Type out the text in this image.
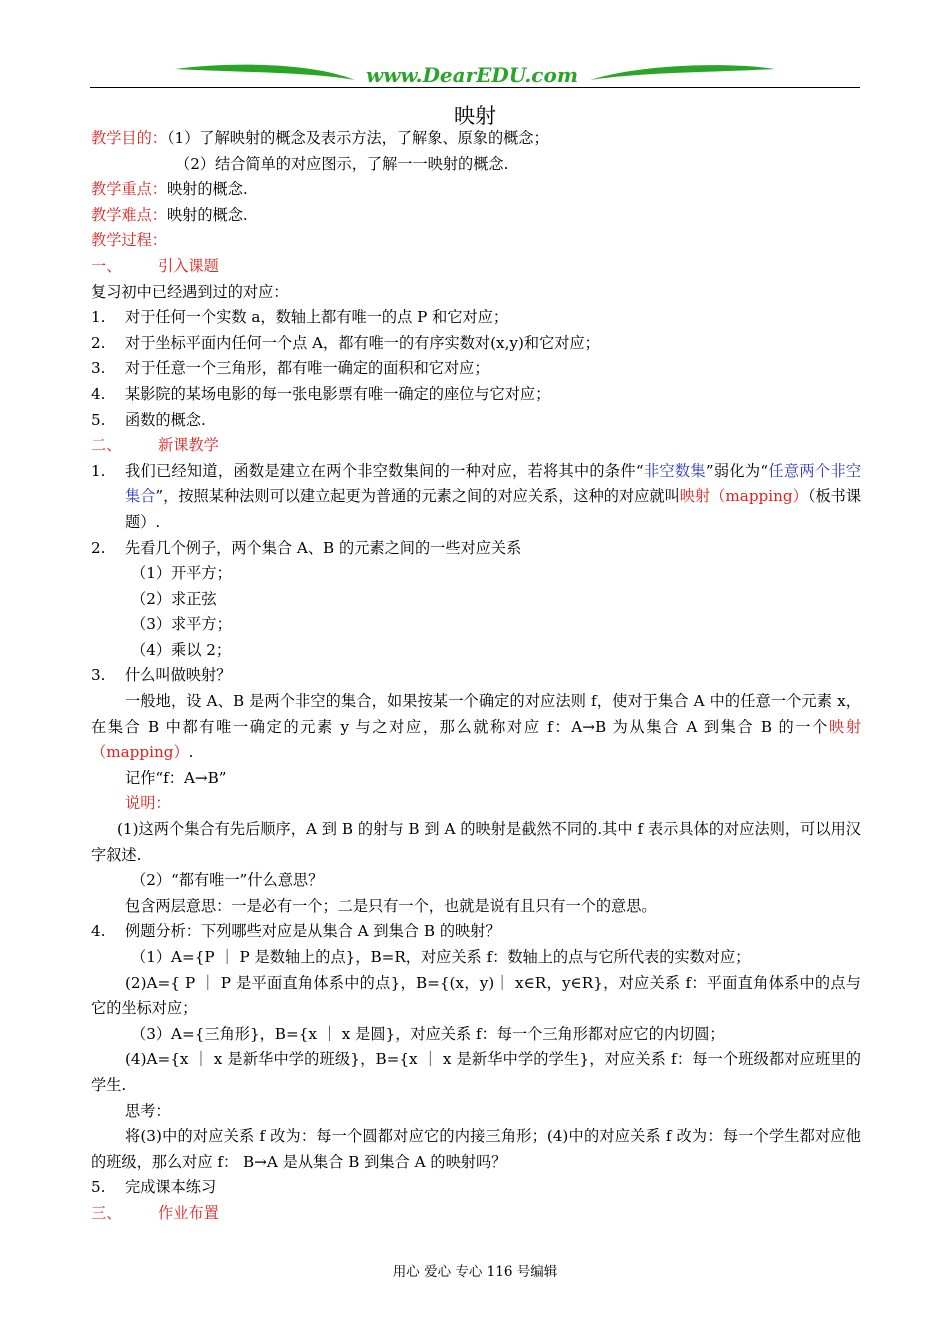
www.DearEDU.com
映射
教学目的：（1）了解映射的概念及表示方法，了解象、原象的概念；
（2）结合简单的对应图示，了解一一映射的概念.
教学重点：映射的概念.
教学难点：映射的概念.
教学过程：
一、 引入课题
复习初中已经遇到过的对应：
1. 对于任何一个实数 a，数轴上都有唯一的点 P 和它对应；
2. 对于坐标平面内任何一个点 A，都有唯一的有序实数对(x,y)和它对应；
3. 对于任意一个三角形，都有唯一确定的面积和它对应；
4. 某影院的某场电影的每一张电影票有唯一确定的座位与它对应；
5. 函数的概念.
二、 新课教学
1.	我们已经知道，函数是建立在两个非空数集间的一种对应，若将其中的条件“非空数集”弱化为“任意两个非空集合”，按照某种法则可以建立起更为普通的元素之间的对应关系，这种的对应就叫映射（mapping）（板书课题）.
2. 先看几个例子，两个集合 A、B 的元素之间的一些对应关系
（1）开平方；
（2）求正弦
（3）求平方；
（4）乘以 2；
3. 什么叫做映射？
一般地，设 A、B 是两个非空的集合，如果按某一个确定的对应法则 f，使对于集合 A 中的任意一个元素 x，在集合 B 中都有唯一确定的元素 y 与之对应，那么就称对应 f：A→B 为从集合 A 到集合 B 的一个映射（mapping）.
记作“f：A→B”
说明：
(1)这两个集合有先后顺序，A 到 B 的射与 B 到 A 的映射是截然不同的.其中 f 表示具体的对应法则，可以用汉字叙述.
（2）“都有唯一”什么意思？
包含两层意思：一是必有一个；二是只有一个，也就是说有且只有一个的意思。
4. 例题分析：下列哪些对应是从集合 A 到集合 B 的映射？
（1）A={P ｜ P 是数轴上的点}，B=R，对应关系 f：数轴上的点与它所代表的实数对应；
(2)A={ P ｜ P 是平面直角体系中的点}，B={(x，y)｜ x∈R，y∈R}，对应关系 f：平面直角体系中的点与它的坐标对应；
（3）A={三角形}，B={x ｜ x 是圆}，对应关系 f：每一个三角形都对应它的内切圆；
(4)A={x ｜ x 是新华中学的班级}，B={x ｜ x 是新华中学的学生}，对应关系 f：每一个班级都对应班里的学生.
思考：
将(3)中的对应关系 f 改为：每一个圆都对应它的内接三角形；(4)中的对应关系 f 改为：每一个学生都对应他的班级，那么对应 f： B→A 是从集合 B 到集合 A 的映射吗？
5. 完成课本练习
三、 作业布置
用心 爱心 专心 116 号编辑
